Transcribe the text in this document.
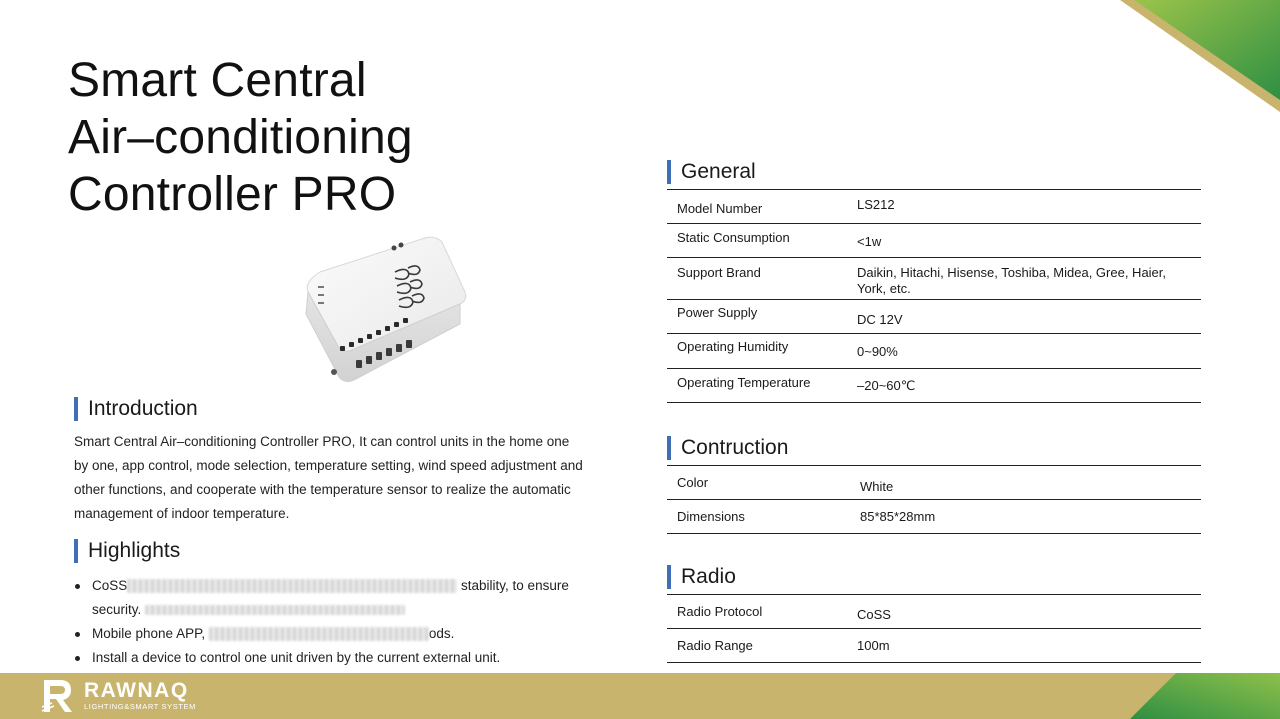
Smart Central
Air–conditioning
Controller PRO
Introduction

Smart Central Air–conditioning Controller PRO, It can control units in the home one by one, app control, mode selection, temperature setting, wind speed adjustment and other functions, and cooperate with the temperature sensor to realize the automatic management of indoor temperature.

Highlights
CoSS	stability, to ensure
security.
Mobile phone APP,	ods.
Install a device to control one unit driven by the current external unit.
General
Model Number	LS212
Static Consumption	<1w
Support Brand	Daikin, Hitachi, Hisense, Toshiba, Midea, Gree, Haier, York, etc.
Power Supply	DC 12V
Operating Humidity	0~90%
Operating Temperature	–20~60℃
Contruction
Color	White
Dimensions	85*85*28mm
Radio
Radio Protocol	CoSS
Radio Range	100m
RAWNAQ
LIGHTING&SMART SYSTEM
